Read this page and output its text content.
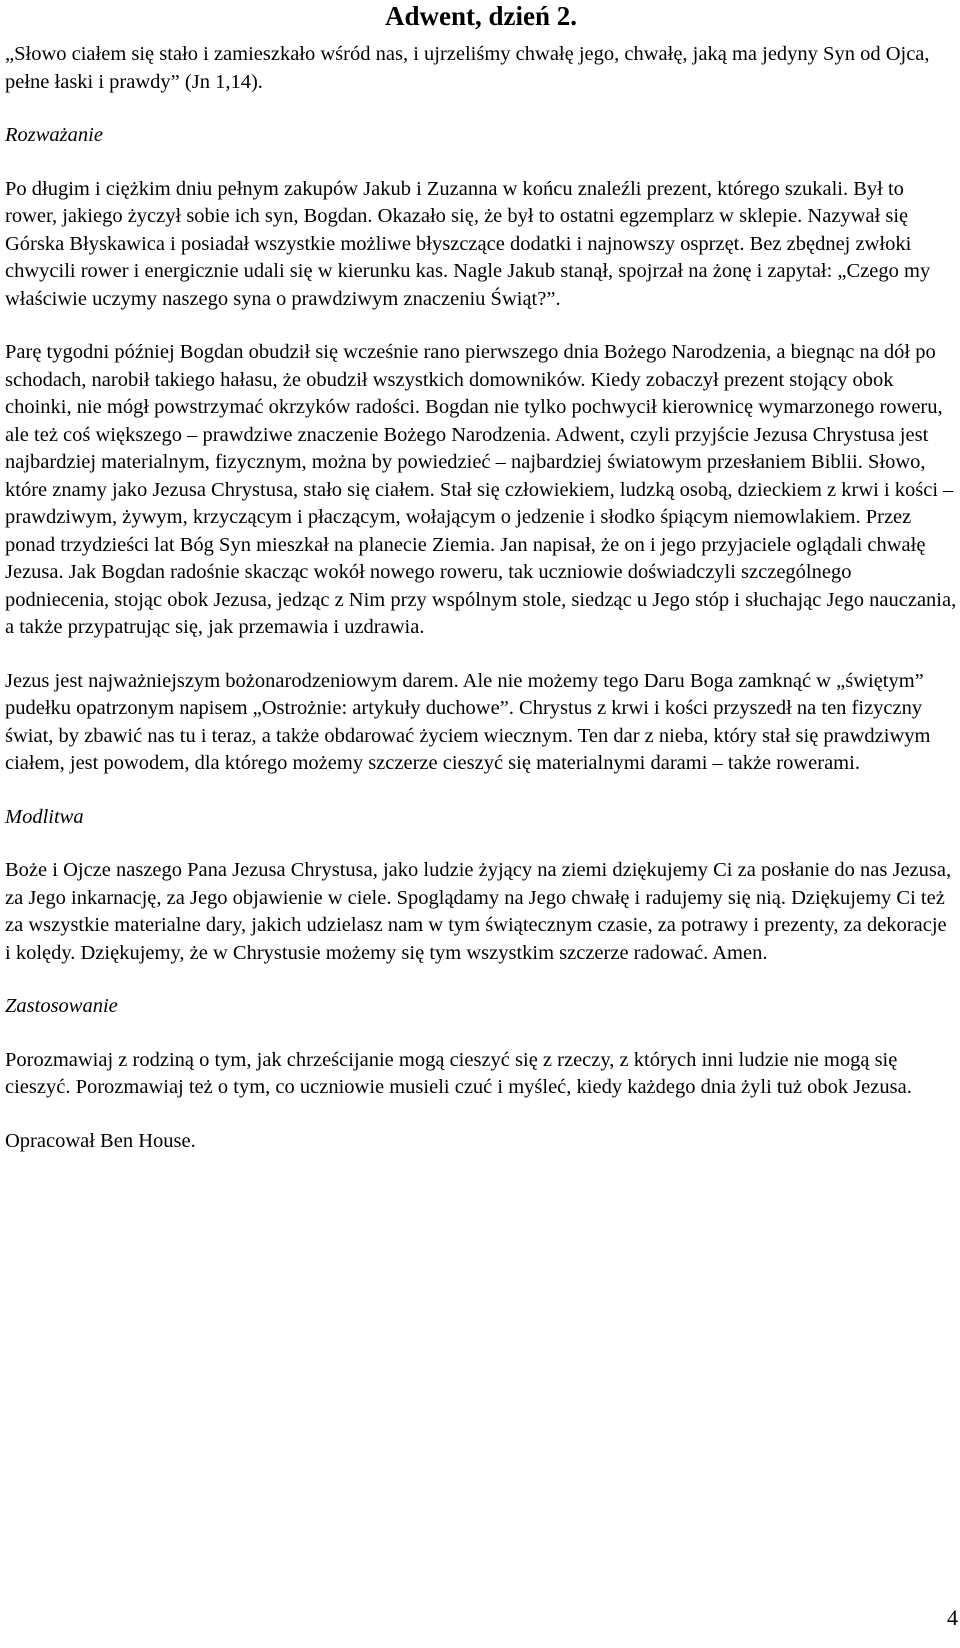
Adwent, dzień 2.

„Słowo ciałem się stało i zamieszkało wśród nas, i ujrzeliśmy chwałę jego, chwałę, jaką ma jedyny Syn od Ojca, pełne łaski i prawdy” (Jn 1,14).

Rozważanie

Po długim i ciężkim dniu pełnym zakupów Jakub i Zuzanna w końcu znaleźli prezent, którego szukali. Był to rower, jakiego życzył sobie ich syn, Bogdan. Okazało się, że był to ostatni egzemplarz w sklepie. Nazywał się Górska Błyskawica i posiadał wszystkie możliwe błyszczące dodatki i najnowszy osprzęt. Bez zbędnej zwłoki chwycili rower i energicznie udali się w kierunku kas. Nagle Jakub stanął, spojrzał na żonę i zapytał: „Czego my właściwie uczymy naszego syna o prawdziwym znaczeniu Świąt?”.

Parę tygodni później Bogdan obudził się wcześnie rano pierwszego dnia Bożego Narodzenia, a biegnąc na dół po schodach, narobił takiego hałasu, że obudził wszystkich domowników. Kiedy zobaczył prezent stojący obok choinki, nie mógł powstrzymać okrzyków radości. Bogdan nie tylko pochwycił kierownicę wymarzonego roweru, ale też coś większego – prawdziwe znaczenie Bożego Narodzenia. Adwent, czyli przyjście Jezusa Chrystusa jest najbardziej materialnym, fizycznym, można by powiedzieć – najbardziej światowym przesłaniem Biblii. Słowo, które znamy jako Jezusa Chrystusa, stało się ciałem. Stał się człowiekiem, ludzką osobą, dzieckiem z krwi i kości – prawdziwym, żywym, krzyczącym i płaczącym, wołającym o jedzenie i słodko śpiącym niemowlakiem. Przez ponad trzydzieści lat Bóg Syn mieszkał na planecie Ziemia. Jan napisał, że on i jego przyjaciele oglądali chwałę Jezusa. Jak Bogdan radośnie skacząc wokół nowego roweru, tak uczniowie doświadczyli szczególnego podniecenia, stojąc obok Jezusa, jedząc z Nim przy wspólnym stole, siedząc u Jego stóp i słuchając Jego nauczania, a także przypatrując się, jak przemawia i uzdrawia.

Jezus jest najważniejszym bożonarodzeniowym darem. Ale nie możemy tego Daru Boga zamknąć w „świętym” pudełku opatrzonym napisem „Ostrożnie: artykuły duchowe”. Chrystus z krwi i kości przyszedł na ten fizyczny świat, by zbawić nas tu i teraz, a także obdarować życiem wiecznym. Ten dar z nieba, który stał się prawdziwym ciałem, jest powodem, dla którego możemy szczerze cieszyć się materialnymi darami – także rowerami.

Modlitwa

Boże i Ojcze naszego Pana Jezusa Chrystusa, jako ludzie żyjący na ziemi dziękujemy Ci za posłanie do nas Jezusa, za Jego inkarnację, za Jego objawienie w ciele. Spoglądamy na Jego chwałę i radujemy się nią. Dziękujemy Ci też za wszystkie materialne dary, jakich udzielasz nam w tym świątecznym czasie, za potrawy i prezenty, za dekoracje i kolędy. Dziękujemy, że w Chrystusie możemy się tym wszystkim szczerze radować. Amen.

Zastosowanie

Porozmawiaj z rodziną o tym, jak chrześcijanie mogą cieszyć się z rzeczy, z których inni ludzie nie mogą się cieszyć. Porozmawiaj też o tym, co uczniowie musieli czuć i myśleć, kiedy każdego dnia żyli tuż obok Jezusa.

Opracował Ben House.

4
